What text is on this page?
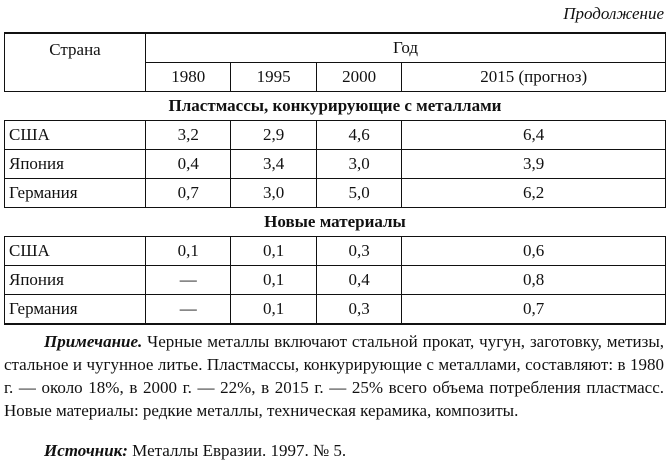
Продолжение
Страна	Год			
	1980	1995	2000	2015 (прогноз)
Пластмассы, конкурирующие с металлами				
США	3,2	2,9	4,6	6,4
Япония	0,4	3,4	3,0	3,9
Германия	0,7	3,0	5,0	6,2
Новые материалы				
США	0,1	0,1	0,3	0,6
Япония	—	0,1	0,4	0,8
Германия	—	0,1	0,3	0,7
Примечание. Черные металлы включают стальной прокат, чугун, заготовку, метизы, стальное и чугунное литье. Пластмассы, конкурирующие с металлами, составляют: в 1980 г. — около 18%, в 2000 г. — 22%, в 2015 г. — 25% всего объема потребления пластмасс. Новые материалы: редкие металлы, техническая керамика, композиты.
Источник: Металлы Евразии. 1997. № 5.
